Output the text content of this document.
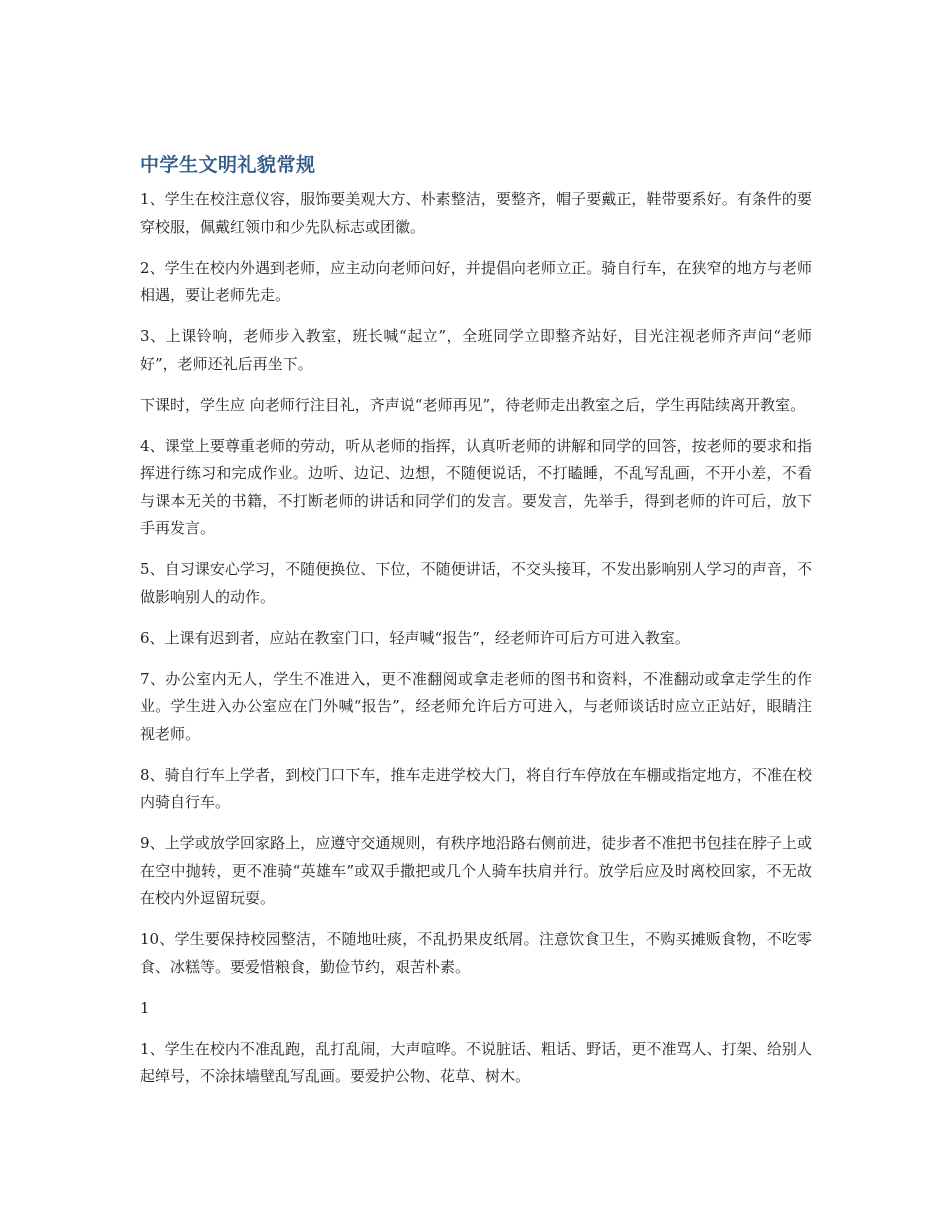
中学生文明礼貌常规

1、学生在校注意仪容，服饰要美观大方、朴素整洁，要整齐，帽子要戴正，鞋带要系好。有条件的要穿校服，佩戴红领巾和少先队标志或团徽。

2、学生在校内外遇到老师，应主动向老师问好，并提倡向老师立正。骑自行车，在狭窄的地方与老师相遇，要让老师先走。

3、上课铃响，老师步入教室，班长喊“起立”，全班同学立即整齐站好，目光注视老师齐声问“老师好”，老师还礼后再坐下。

下课时，学生应 向老师行注目礼，齐声说“老师再见”，待老师走出教室之后，学生再陆续离开教室。

4、课堂上要尊重老师的劳动，听从老师的指挥，认真听老师的讲解和同学的回答，按老师的要求和指挥进行练习和完成作业。边听、边记、边想，不随便说话，不打瞌睡，不乱写乱画，不开小差，不看与课本无关的书籍，不打断老师的讲话和同学们的发言。要发言，先举手，得到老师的许可后，放下手再发言。

5、自习课安心学习，不随便换位、下位，不随便讲话，不交头接耳，不发出影响别人学习的声音，不做影响别人的动作。

6、上课有迟到者，应站在教室门口，轻声喊“报告”，经老师许可后方可进入教室。

7、办公室内无人，学生不准进入，更不准翻阅或拿走老师的图书和资料，不准翻动或拿走学生的作业。学生进入办公室应在门外喊“报告”，经老师允许后方可进入，与老师谈话时应立正站好，眼睛注视老师。

8、骑自行车上学者，到校门口下车，推车走进学校大门，将自行车停放在车棚或指定地方，不准在校内骑自行车。

9、上学或放学回家路上，应遵守交通规则，有秩序地沿路右侧前进，徒步者不准把书包挂在脖子上或在空中抛转，更不准骑“英雄车”或双手撒把或几个人骑车扶肩并行。放学后应及时离校回家，不无故在校内外逗留玩耍。

10、学生要保持校园整洁，不随地吐痰，不乱扔果皮纸屑。注意饮食卫生，不购买摊贩食物，不吃零食、冰糕等。要爱惜粮食，勤俭节约，艰苦朴素。

1

1、学生在校内不准乱跑，乱打乱闹，大声喧哗。不说脏话、粗话、野话，更不准骂人、打架、给别人起绰号，不涂抹墙壁乱写乱画。要爱护公物、花草、树木。
